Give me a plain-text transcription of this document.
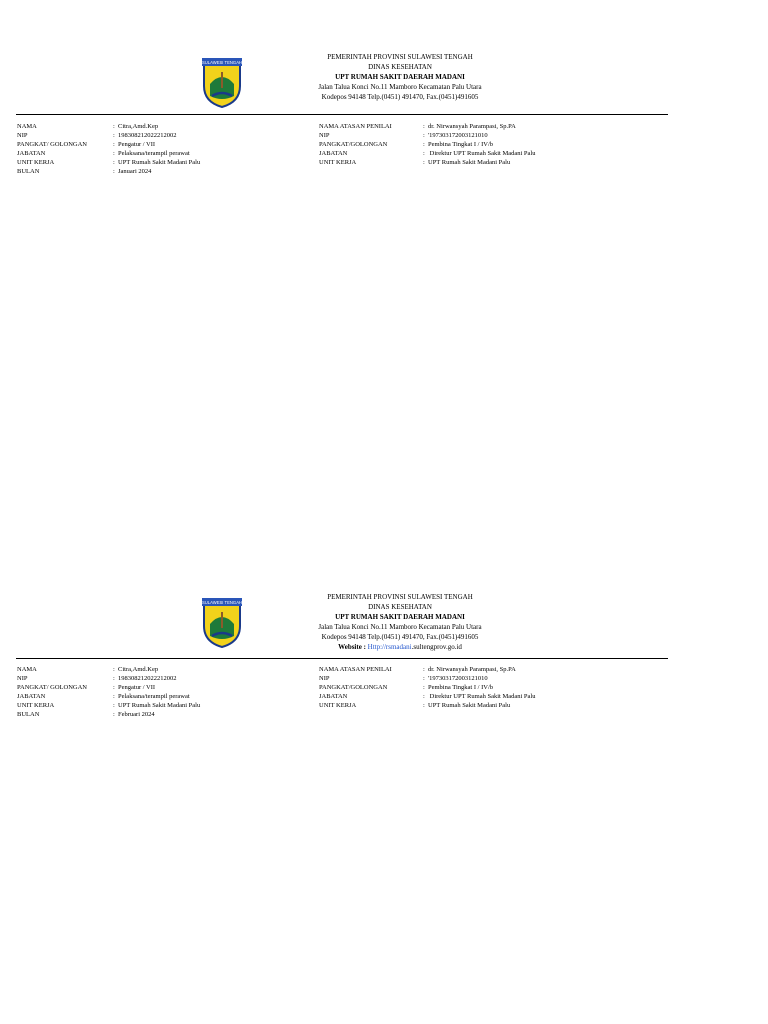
SULAWESI TENGAH
PEMERINTAH PROVINSI SULAWESI TENGAH
DINAS KESEHATAN
UPT RUMAH SAKIT DAERAH MADANI
Jalan Talua Konci No.11 Mamboro Kecamatan Palu Utara
Kodepos 94148 Telp.(0451) 491470, Fax.(0451)491605
NAMA	: Citra,Amd.Kep
NIP	: 198308212022212002
PANGKAT/ GOLONGAN	: Pengatur / VII
JABATAN	: Pelaksana/terampil perawat
UNIT KERJA	: UPT Rumah Sakit Madani Palu
BULAN	: Januari 2024
NAMA ATASAN PENILAI	: dr. Nirwansyah Parampasi, Sp.PA
NIP	: '197303172003121010
PANGKAT/GOLONGAN	: Pembina Tingkat I / IV/b
JABATAN	: Direktur UPT Rumah Sakit Madani Palu
UNIT KERJA	: UPT Rumah Sakit Madani Palu
SULAWESI TENGAH
PEMERINTAH PROVINSI SULAWESI TENGAH
DINAS KESEHATAN
UPT RUMAH SAKIT DAERAH MADANI
Jalan Talua Konci No.11 Mamboro Kecamatan Palu Utara
Kodepos 94148 Telp.(0451) 491470, Fax.(0451)491605
Website : Http://rsmadani.sultengprov.go.id
NAMA	: Citra,Amd.Kep
NIP	: 198308212022212002
PANGKAT/ GOLONGAN	: Pengatur / VII
JABATAN	: Pelaksana/terampil perawat
UNIT KERJA	: UPT Rumah Sakit Madani Palu
BULAN	: Februari 2024
NAMA ATASAN PENILAI	: dr. Nirwansyah Parampasi, Sp.PA
NIP	: '197303172003121010
PANGKAT/GOLONGAN	: Pembina Tingkat I / IV/b
JABATAN	: Direktur UPT Rumah Sakit Madani Palu
UNIT KERJA	: UPT Rumah Sakit Madani Palu
